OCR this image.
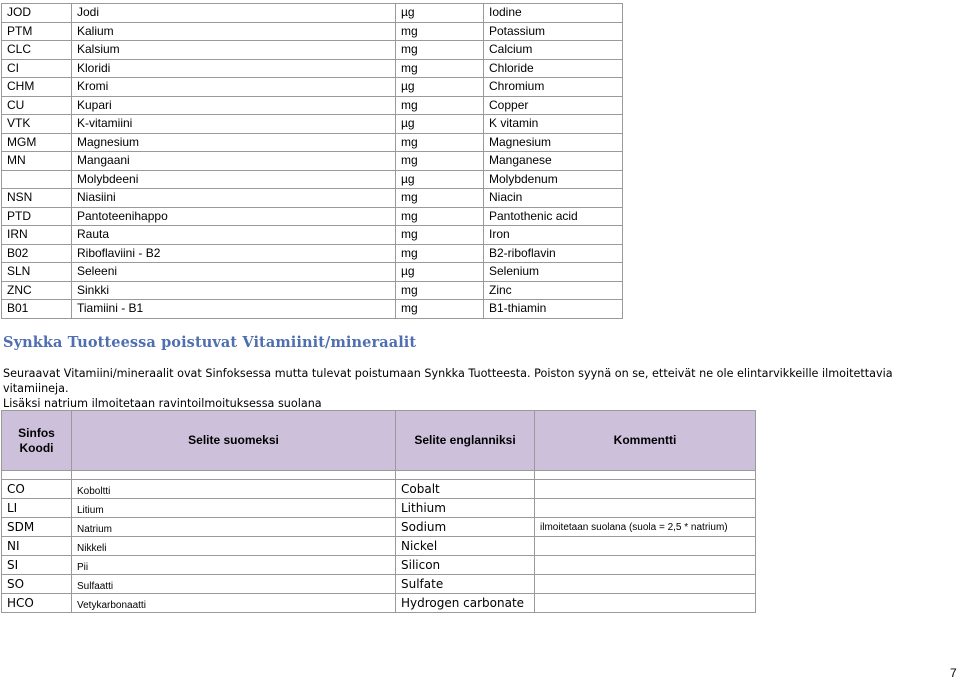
JOD	Jodi	µg	Iodine
PTM	Kalium	mg	Potassium
CLC	Kalsium	mg	Calcium
CI	Kloridi	mg	Chloride
CHM	Kromi	µg	Chromium
CU	Kupari	mg	Copper
VTK	K-vitamiini	µg	K vitamin
MGM	Magnesium	mg	Magnesium
MN	Mangaani	mg	Manganese
	Molybdeeni	µg	Molybdenum
NSN	Niasiini	mg	Niacin
PTD	Pantoteenihappo	mg	Pantothenic acid
IRN	Rauta	mg	Iron
B02	Riboflaviini - B2	mg	B2-riboflavin
SLN	Seleeni	µg	Selenium
ZNC	Sinkki	mg	Zinc
B01	Tiamiini - B1	mg	B1-thiamin
Synkka Tuotteessa poistuvat Vitamiinit/mineraalit
Seuraavat Vitamiini/mineraalit ovat Sinfoksessa mutta tulevat poistumaan Synkka Tuotteesta. Poiston syynä on se, etteivät ne ole elintarvikkeille ilmoitettavia vitamiineja.
Lisäksi natrium ilmoitetaan ravintoilmoituksessa suolana
Sinfos
Koodi	Selite suomeksi	Selite englanniksi	Kommentti

CO	Koboltti	Cobalt	
LI	Litium	Lithium	
SDM	Natrium	Sodium	ilmoitetaan suolana (suola = 2,5 * natrium)
NI	Nikkeli	Nickel	
SI	Pii	Silicon	
SO	Sulfaatti	Sulfate	
HCO	Vetykarbonaatti	Hydrogen carbonate	
7
